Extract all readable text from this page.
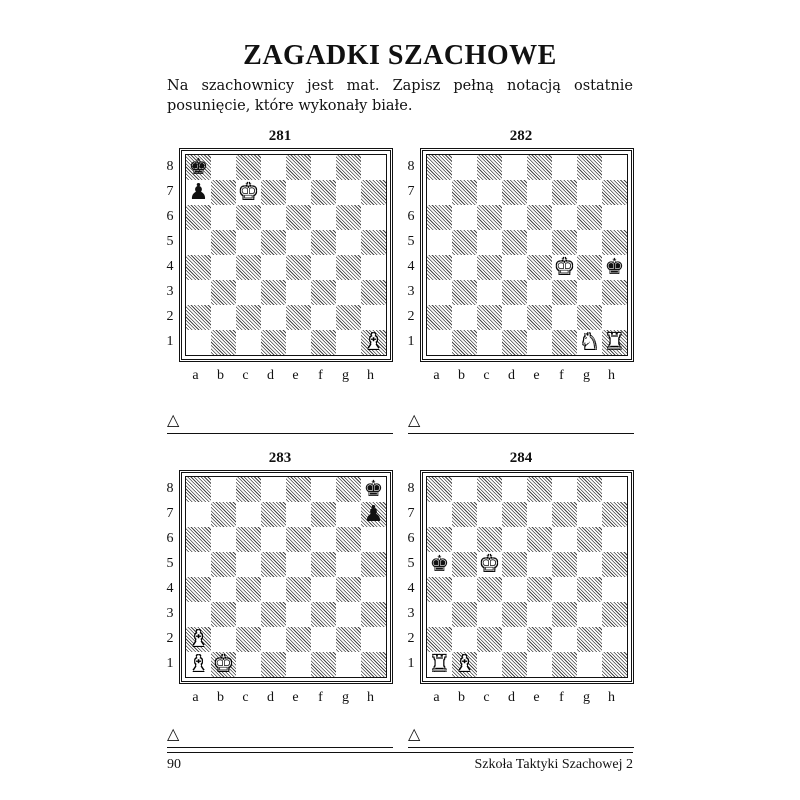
ZAGADKI SZACHOWE
Na szachownicy jest mat. Zapisz pełną notacją ostatnie posunięcie, które wykonały białe.
281
8
7
6
5
4
3
2
1
♚
♟ ♚
♝
a	b	c	d	e	f	g	h
△
282
8
7
6
5
4
3
2
1
♚ ♚
♞ ♜
a	b	c	d	e	f	g	h
△
283
8
7
6
5
4
3
2
1
♚
♟
♝
♝ ♚
a	b	c	d	e	f	g	h
△
284
8
7
6
5
4
3
2
1
♚ ♚
♜ ♝
a	b	c	d	e	f	g	h
△
90	Szkoła Taktyki Szachowej 2
